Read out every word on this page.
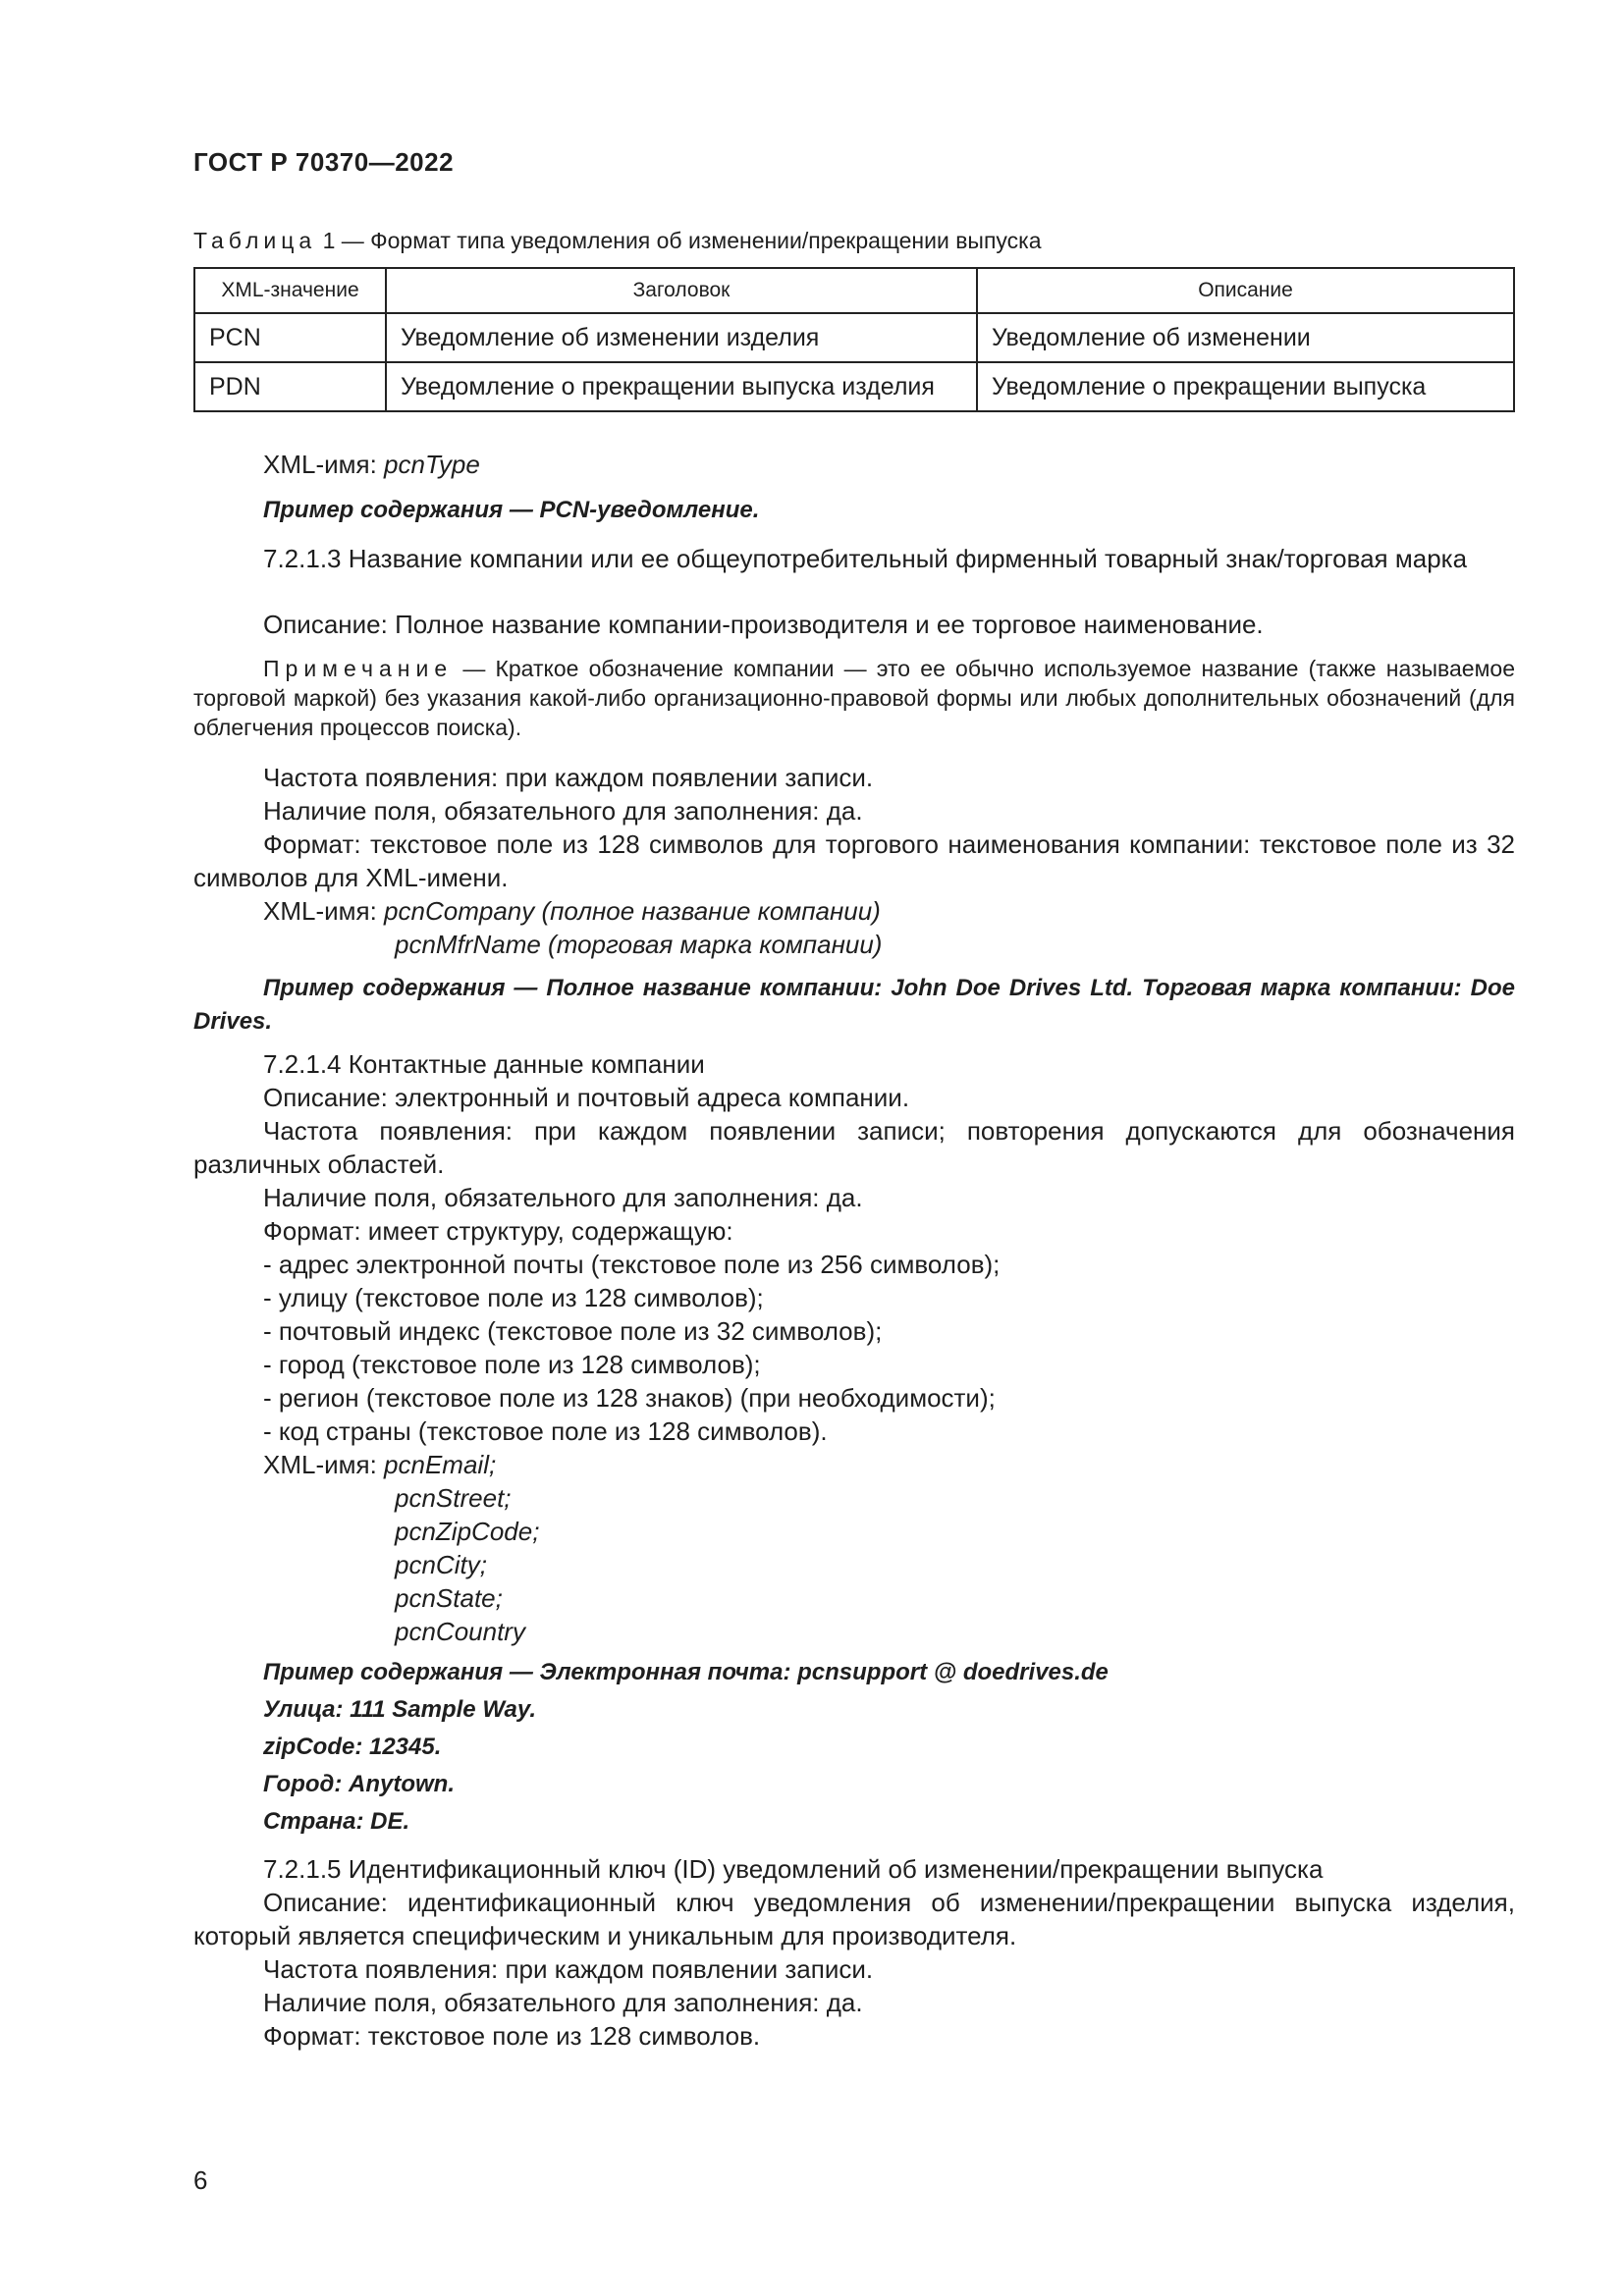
ГОСТ Р 70370—2022
Таблица 1 — Формат типа уведомления об изменении/прекращении выпуска
XML-значение	Заголовок	Описание
PCN	Уведомление об изменении изделия	Уведомление об изменении
PDN	Уведомление о прекращении выпуска изделия	Уведомление о прекращении выпуска
XML-имя: pcnType
Пример содержания — PCN-уведомление.
7.2.1.3 Название компании или ее общеупотребительный фирменный товарный знак/торговая марка
Описание: Полное название компании-производителя и ее торговое наименование.
Примечание — Краткое обозначение компании — это ее обычно используемое название (также называемое торговой маркой) без указания какой-либо организационно-правовой формы или любых дополнительных обозначений (для облегчения процессов поиска).
Частота появления: при каждом появлении записи.
Наличие поля, обязательного для заполнения: да.
Формат: текстовое поле из 128 символов для торгового наименования компании: текстовое поле из 32 символов для XML-имени.
XML-имя: pcnCompany (полное название компании)
pcnMfrName (торговая марка компании)
Пример содержания — Полное название компании: John Doe Drives Ltd. Торговая марка компании: Doe Drives.
7.2.1.4 Контактные данные компании
Описание: электронный и почтовый адреса компании.
Частота появления: при каждом появлении записи; повторения допускаются для обозначения различных областей.
Наличие поля, обязательного для заполнения: да.
Формат: имеет структуру, содержащую:
- адрес электронной почты (текстовое поле из 256 символов);
- улицу (текстовое поле из 128 символов);
- почтовый индекс (текстовое поле из 32 символов);
- город (текстовое поле из 128 символов);
- регион (текстовое поле из 128 знаков) (при необходимости);
- код страны (текстовое поле из 128 символов).
XML-имя: pcnEmail;
pcnStreet;
pcnZipCode;
pcnCity;
pcnState;
pcnCountry
Пример содержания — Электронная почта: pcnsupport @ doedrives.de
Улица: 111 Sample Way.
zipCode: 12345.
Город: Anytown.
Страна: DE.
7.2.1.5 Идентификационный ключ (ID) уведомлений об изменении/прекращении выпуска
Описание: идентификационный ключ уведомления об изменении/прекращении выпуска изделия, который является специфическим и уникальным для производителя.
Частота появления: при каждом появлении записи.
Наличие поля, обязательного для заполнения: да.
Формат: текстовое поле из 128 символов.
6
